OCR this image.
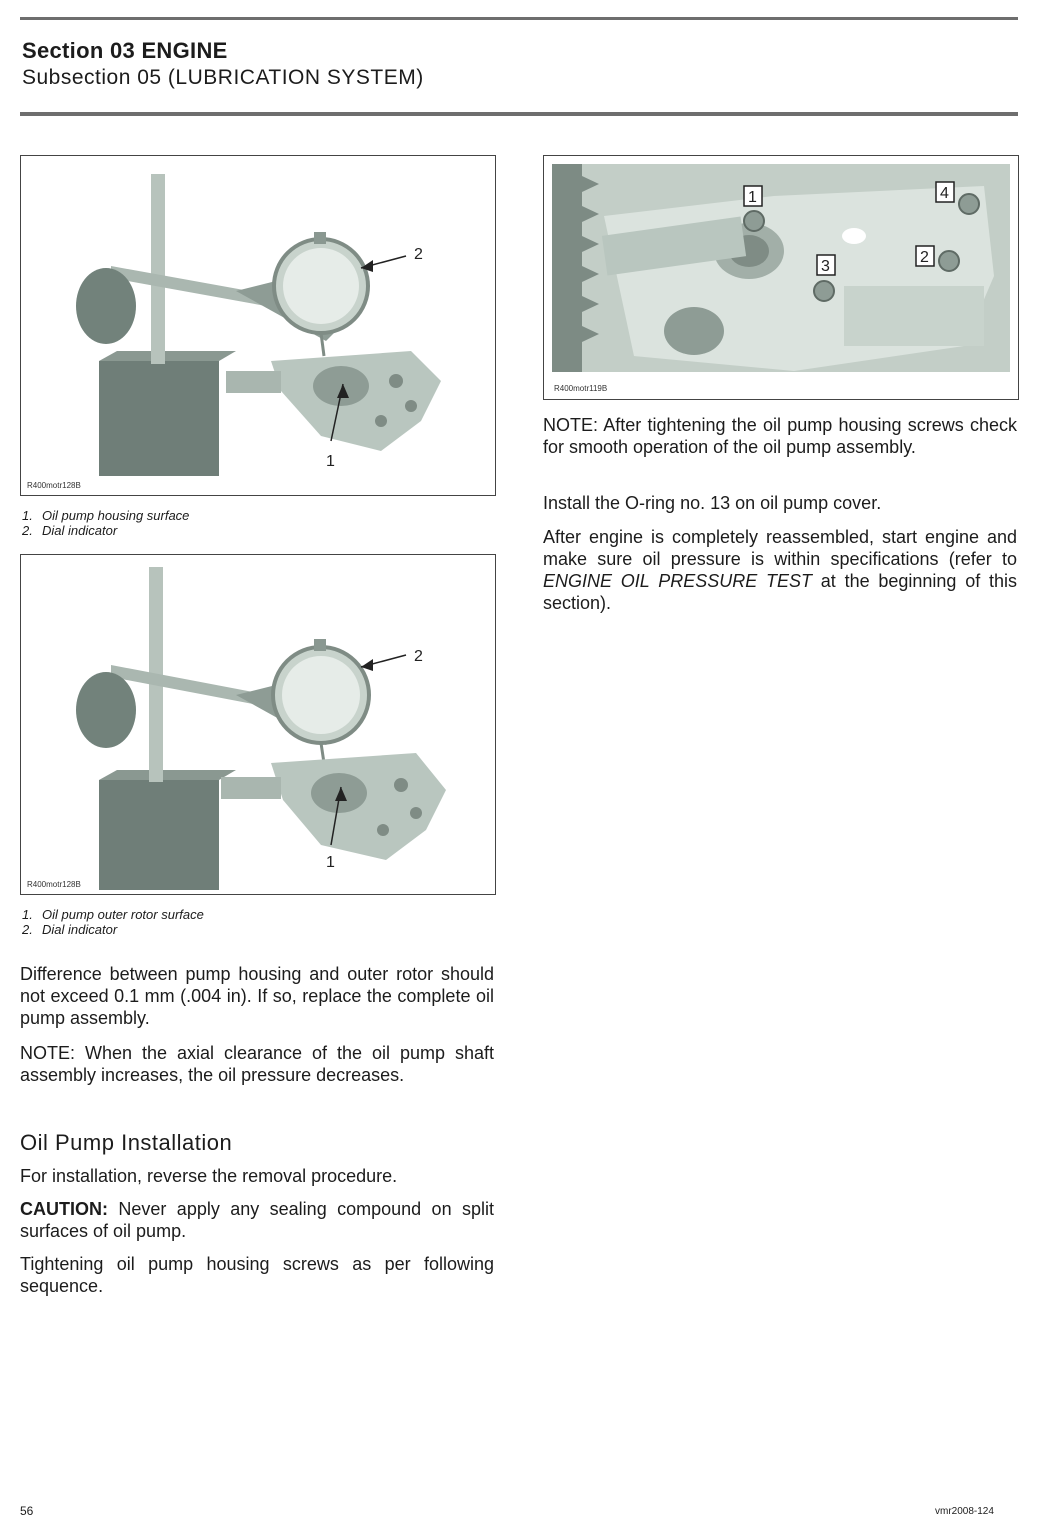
Section 03 ENGINE
Subsection 05 (LUBRICATION SYSTEM)
2
1
R400motr128B
1. Oil pump housing surface
2. Dial indicator
2
1
R400motr128B
1. Oil pump outer rotor surface
2. Dial indicator
Difference between pump housing and outer rotor should not exceed 0.1 mm (.004 in). If so, replace the complete oil pump assembly.
NOTE: When the axial clearance of the oil pump shaft assembly increases, the oil pressure decreases.
Oil Pump Installation
For installation, reverse the removal procedure.
CAUTION: Never apply any sealing compound on split surfaces of oil pump.
Tightening oil pump housing screws as per following sequence.
1	4
2
3
R400motr119B
NOTE: After tightening the oil pump housing screws check for smooth operation of the oil pump assembly.
Install the O-ring no. 13 on oil pump cover.
After engine is completely reassembled, start engine and make sure oil pressure is within specifications (refer to ENGINE OIL PRESSURE TEST at the beginning of this section).
56	vmr2008-124
